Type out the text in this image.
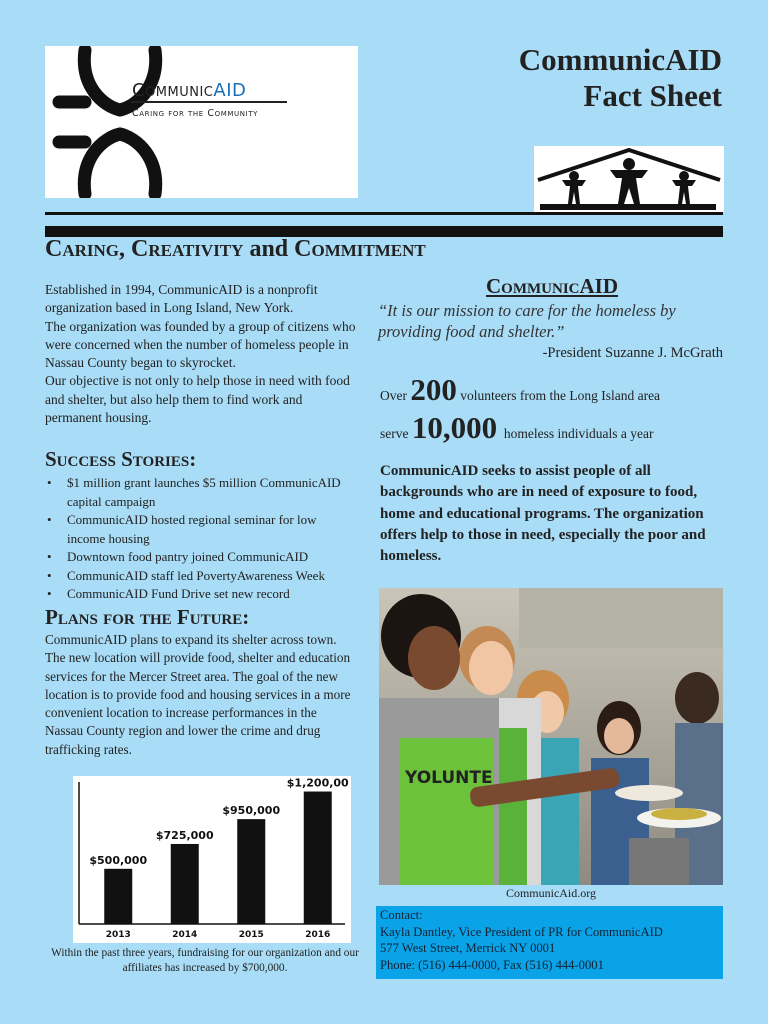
CommunicAID
Caring for the Community
CommunicAID
Fact Sheet
Caring, Creativity and Commitment

Established in 1994, CommunicAID is a nonprofit organization based in Long Island, New York.

The organization was founded by a group of citizens who were concerned when the number of homeless people in Nassau County began to skyrocket.

Our objective is not only to help those in need with food and shelter, but also help them to find work and permanent housing.

Success Stories:
• $1 million grant launches $5 million CommunicAID capital campaign
• CommunicAID hosted regional seminar for low income housing
• Downtown food pantry joined CommunicAID
• CommunicAID staff led PovertyAwareness Week
• CommunicAID Fund Drive set new record
Plans for the Future:
CommunicAID plans to expand its shelter across town. The new location will provide food, shelter and education services for the Mercer Street area. The goal of the new location is to provide food and housing services in a more convenient location to increase performances in the Nassau County region and lower the crime and drug trafficking rates.
$500,000
2013
$725,000
2014
$950,000
2015
$1,200,00
2016
Within the past three years, fundraising for our organization and our affiliates has increased by $700,000.
CommunicAID
“It is our mission to care for the homeless by providing food and shelter.”
-President Suzanne J. McGrath
Over 200 volunteers from the Long Island area
serve 10,000 homeless individuals a year
CommunicAID seeks to assist people of all backgrounds who are in need of exposure to food, home and educational programs. The organization offers help to those in need, especially the poor and homeless.
YOLUNTE
CommunicAid.org
Contact:
Kayla Dantley, Vice President of PR for CommunicAID
577 West Street, Merrick NY 0001
Phone: (516) 444-0000, Fax (516) 444-0001
